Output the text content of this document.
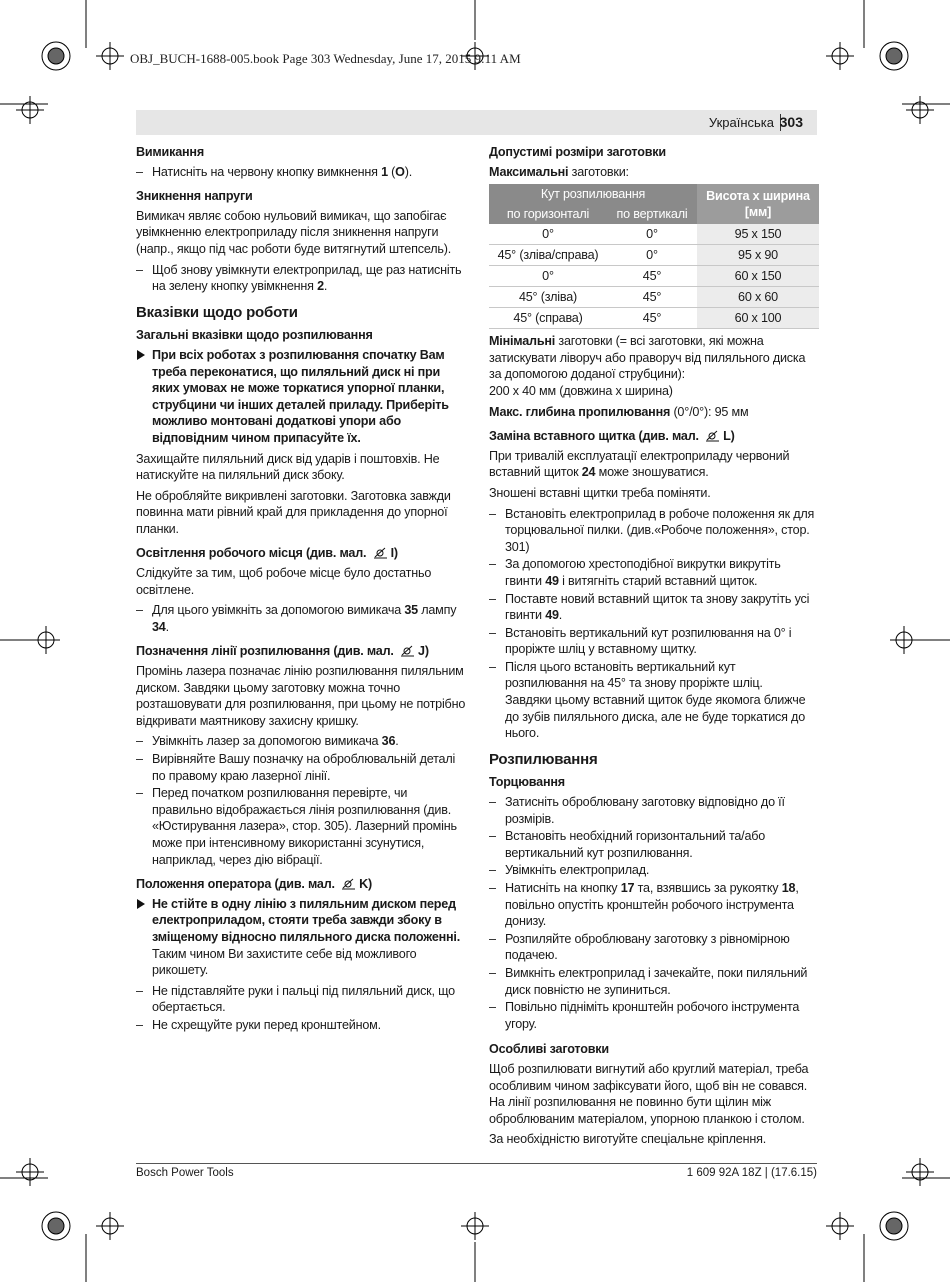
OBJ_BUCH-1688-005.book Page 303 Wednesday, June 17, 2015 9:11 AM
Українська 303
Вимикання
– Натисніть на червону кнопку вимкнення 1 (O).
Зникнення напруги

Вимикач являє собою нульовий вимикач, що запобігає увімкненню електроприладу після зникнення напруги (напр., якщо під час роботи буде витягнутий штепсель).

– Щоб знову увімкнути електроприлад, ще раз натисніть на зелену кнопку увімкнення 2.
Вказівки щодо роботи
Загальні вказівки щодо розпилювання
При всіх роботах з розпилювання спочатку Вам треба переконатися, що пиляльний диск ні при яких умовах не може торкатися упорної планки, струбцини чи інших деталей приладу. Приберіть можливо монтовані додаткові упори або відповідним чином припасуйте їх.

Захищайте пиляльний диск від ударів і поштовхів. Не натискуйте на пиляльний диск збоку.

Не обробляйте викривлені заготовки. Заготовка завжди повинна мати рівний край для прикладення до упорної планки.

Освітлення робочого місця (див. мал. I)

Слідкуйте за тим, щоб робоче місце було достатньо освітлене.

– Для цього увімкніть за допомогою вимикача 35 лампу 34.
Позначення лінії розпилювання (див. мал. J)

Промінь лазера позначає лінію розпилювання пиляльним диском. Завдяки цьому заготовку можна точно розташовувати для розпилювання, при цьому не потрібно відкривати маятникову захисну кришку.

– Увімкніть лазер за допомогою вимикача 36.
– Вирівняйте Вашу позначку на оброблювальній деталі по правому краю лазерної лінії.
– Перед початком розпилювання перевірте, чи правильно відображається лінія розпилювання (див. «Юстирування лазера», стор. 305). Лазерний промінь може при інтенсивному використанні зсунутися, наприклад, через дію вібрації.
Положення оператора (див. мал. K)
Не стійте в одну лінію з пиляльним диском перед електроприладом, стояти треба завжди збоку в зміщеному відносно пиляльного диска положенні. Таким чином Ви захистите себе від можливого рикошету.
– Не підставляйте руки і пальці під пиляльний диск, що обертається.
– Не схрещуйте руки перед кронштейном.
Допустимі розміри заготовки

Максимальні заготовки:

Кут розпилювання		Висота x ширина [мм]
по горизонталі	по вертикалі	
0°	0°	95 x 150
45° (зліва/справа)	0°	95 x 90
0°	45°	60 x 150
45° (зліва)	45°	60 x 60
45° (справа)	45°	60 x 100

Мінімальні заготовки (= всі заготовки, які можна затискувати ліворуч або праворуч від пиляльного диска за допомогою доданої струбцини):

200 x 40 мм (довжина x ширина)

Макс. глибина пропилювання (0°/0°): 95 мм

Заміна вставного щитка (див. мал. L)

При тривалій експлуатації електроприладу червоний вставний щиток 24 може зношуватися.

Зношені вставні щитки треба поміняти.

– Встановіть електроприлад в робоче положення як для торцювальної пилки. (див.«Робоче положення», стор. 301)
– За допомогою хрестоподібної викрутки викрутіть гвинти 49 і витягніть старий вставний щиток.
– Поставте новий вставний щиток та знову закрутіть усі гвинти 49.
– Встановіть вертикальний кут розпилювання на 0° і проріжте шліц у вставному щитку.
– Після цього встановіть вертикальний кут розпилювання на 45° та знову проріжте шліц.
Завдяки цьому вставний щиток буде якомога ближче до зубів пиляльного диска, але не буде торкатися до нього.
Розпилювання
Торцювання
– Затисніть оброблювану заготовку відповідно до її розмірів.
– Встановіть необхідний горизонтальний та/або вертикальний кут розпилювання.
– Увімкніть електроприлад.
– Натисніть на кнопку 17 та, взявшись за рукоятку 18, повільно опустіть кронштейн робочого інструмента донизу.
– Розпиляйте оброблювану заготовку з рівномірною подачею.
– Вимкніть електроприлад і зачекайте, поки пиляльний диск повністю не зупиниться.
– Повільно підніміть кронштейн робочого інструмента угору.
Особливі заготовки

Щоб розпилювати вигнутий або круглий матеріал, треба особливим чином зафіксувати його, щоб він не совався. На лінії розпилювання не повинно бути щілин між оброблюваним матеріалом, упорною планкою і столом.

За необхідністю виготуйте спеціальне кріплення.

Bosch Power Tools	1 609 92A 18Z | (17.6.15)
